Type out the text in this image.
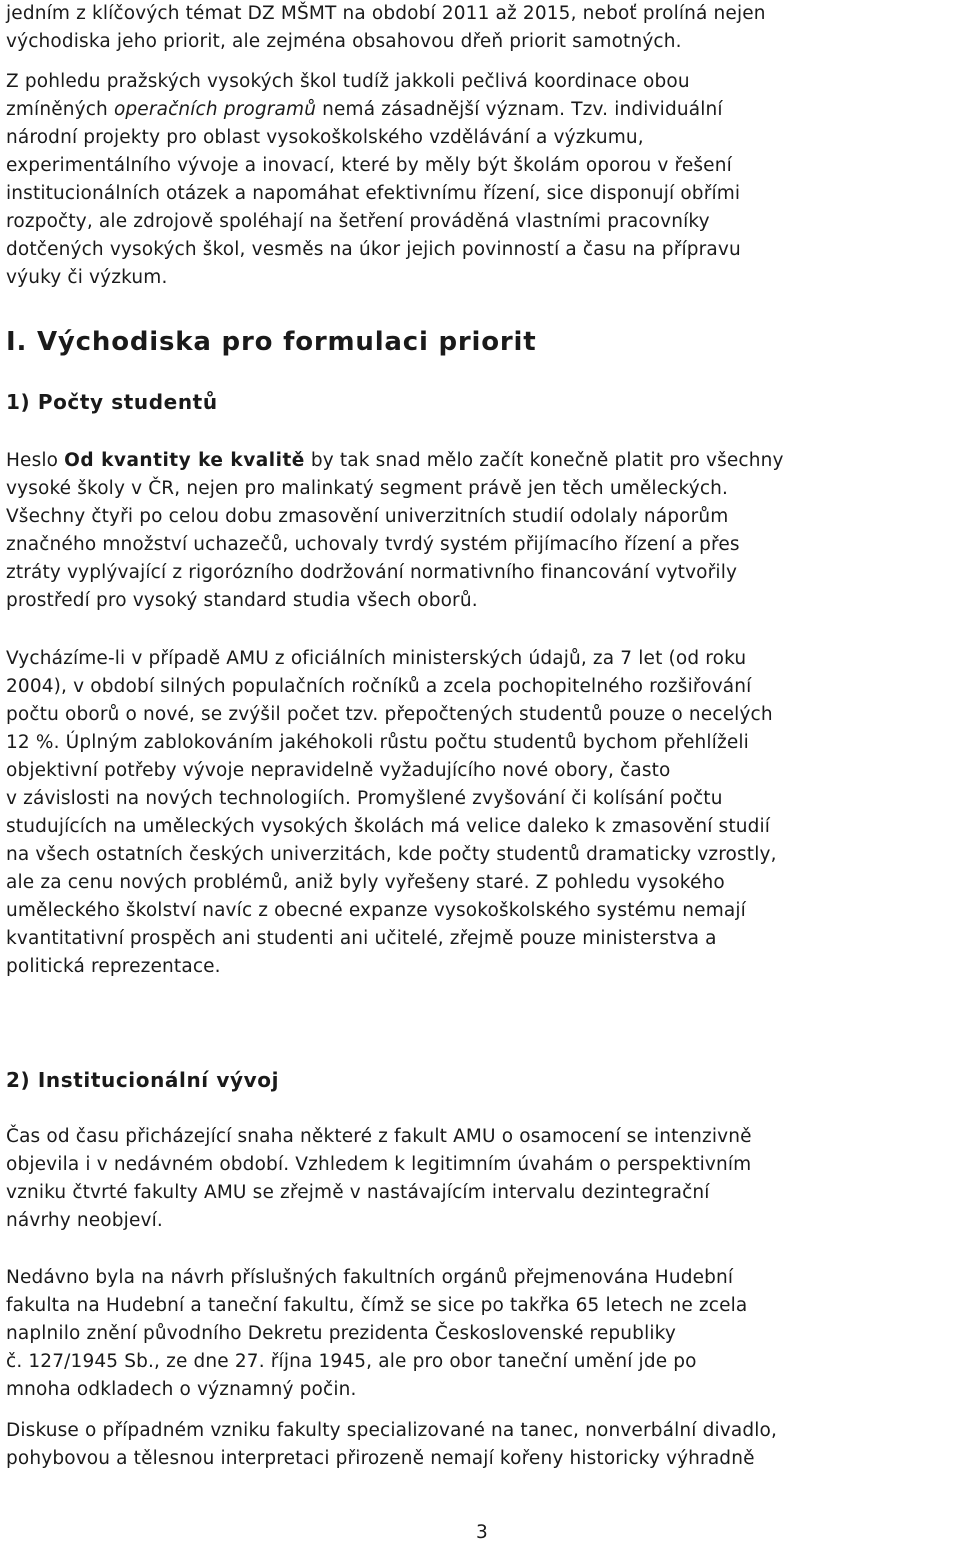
jedním z klíčových témat DZ MŠMT na období 2011 až 2015, neboť prolíná nejen
východiska jeho priorit, ale zejména obsahovou dřeň priorit samotných.
Z pohledu pražských vysokých škol tudíž jakkoli pečlivá koordinace obou
zmíněných operačních programů nemá zásadnější význam. Tzv. individuální
národní projekty pro oblast vysokoškolského vzdělávání a výzkumu,
experimentálního vývoje a inovací, které by měly být školám oporou v řešení
institucionálních otázek a napomáhat efektivnímu řízení, sice disponují obřími
rozpočty, ale zdrojově spoléhají na šetření prováděná vlastními pracovníky
dotčených vysokých škol, vesměs na úkor jejich povinností a času na přípravu
výuky či výzkum.
I. Východiska pro formulaci priorit
1) Počty studentů
Heslo Od kvantity ke kvalitě by tak snad mělo začít konečně platit pro všechny
vysoké školy v ČR, nejen pro malinkatý segment právě jen těch uměleckých.
Všechny čtyři po celou dobu zmasovění univerzitních studií odolaly náporům
značného množství uchazečů, uchovaly tvrdý systém přijímacího řízení a přes
ztráty vyplývající z rigorózního dodržování normativního financování vytvořily
prostředí pro vysoký standard studia všech oborů.
Vycházíme-li v případě AMU z oficiálních ministerských údajů, za 7 let (od roku
2004), v období silných populačních ročníků a zcela pochopitelného rozšiřování
počtu oborů o nové, se zvýšil počet tzv. přepočtených studentů pouze o necelých
12 %. Úplným zablokováním jakéhokoli růstu počtu studentů bychom přehlíželi
objektivní potřeby vývoje nepravidelně vyžadujícího nové obory, často
v závislosti na nových technologiích. Promyšlené zvyšování či kolísání počtu
studujících na uměleckých vysokých školách má velice daleko k zmasovění studií
na všech ostatních českých univerzitách, kde počty studentů dramaticky vzrostly,
ale za cenu nových problémů, aniž byly vyřešeny staré. Z pohledu vysokého
uměleckého školství navíc z obecné expanze vysokoškolského systému nemají
kvantitativní prospěch ani studenti ani učitelé, zřejmě pouze ministerstva a
politická reprezentace.
2) Institucionální vývoj
Čas od času přicházející snaha některé z fakult AMU o osamocení se intenzivně
objevila i v nedávném období. Vzhledem k legitimním úvahám o perspektivním
vzniku čtvrté fakulty AMU se zřejmě v nastávajícím intervalu dezintegrační
návrhy neobjeví.
Nedávno byla na návrh příslušných fakultních orgánů přejmenována Hudební
fakulta na Hudební a taneční fakultu, čímž se sice po takřka 65 letech ne zcela
naplnilo znění původního Dekretu prezidenta Československé republiky
č. 127/1945 Sb., ze dne 27. října 1945, ale pro obor taneční umění jde po
mnoha odkladech o významný počin.
Diskuse o případném vzniku fakulty specializované na tanec, nonverbální divadlo,
pohybovou a tělesnou interpretaci přirozeně nemají kořeny historicky výhradně
3
